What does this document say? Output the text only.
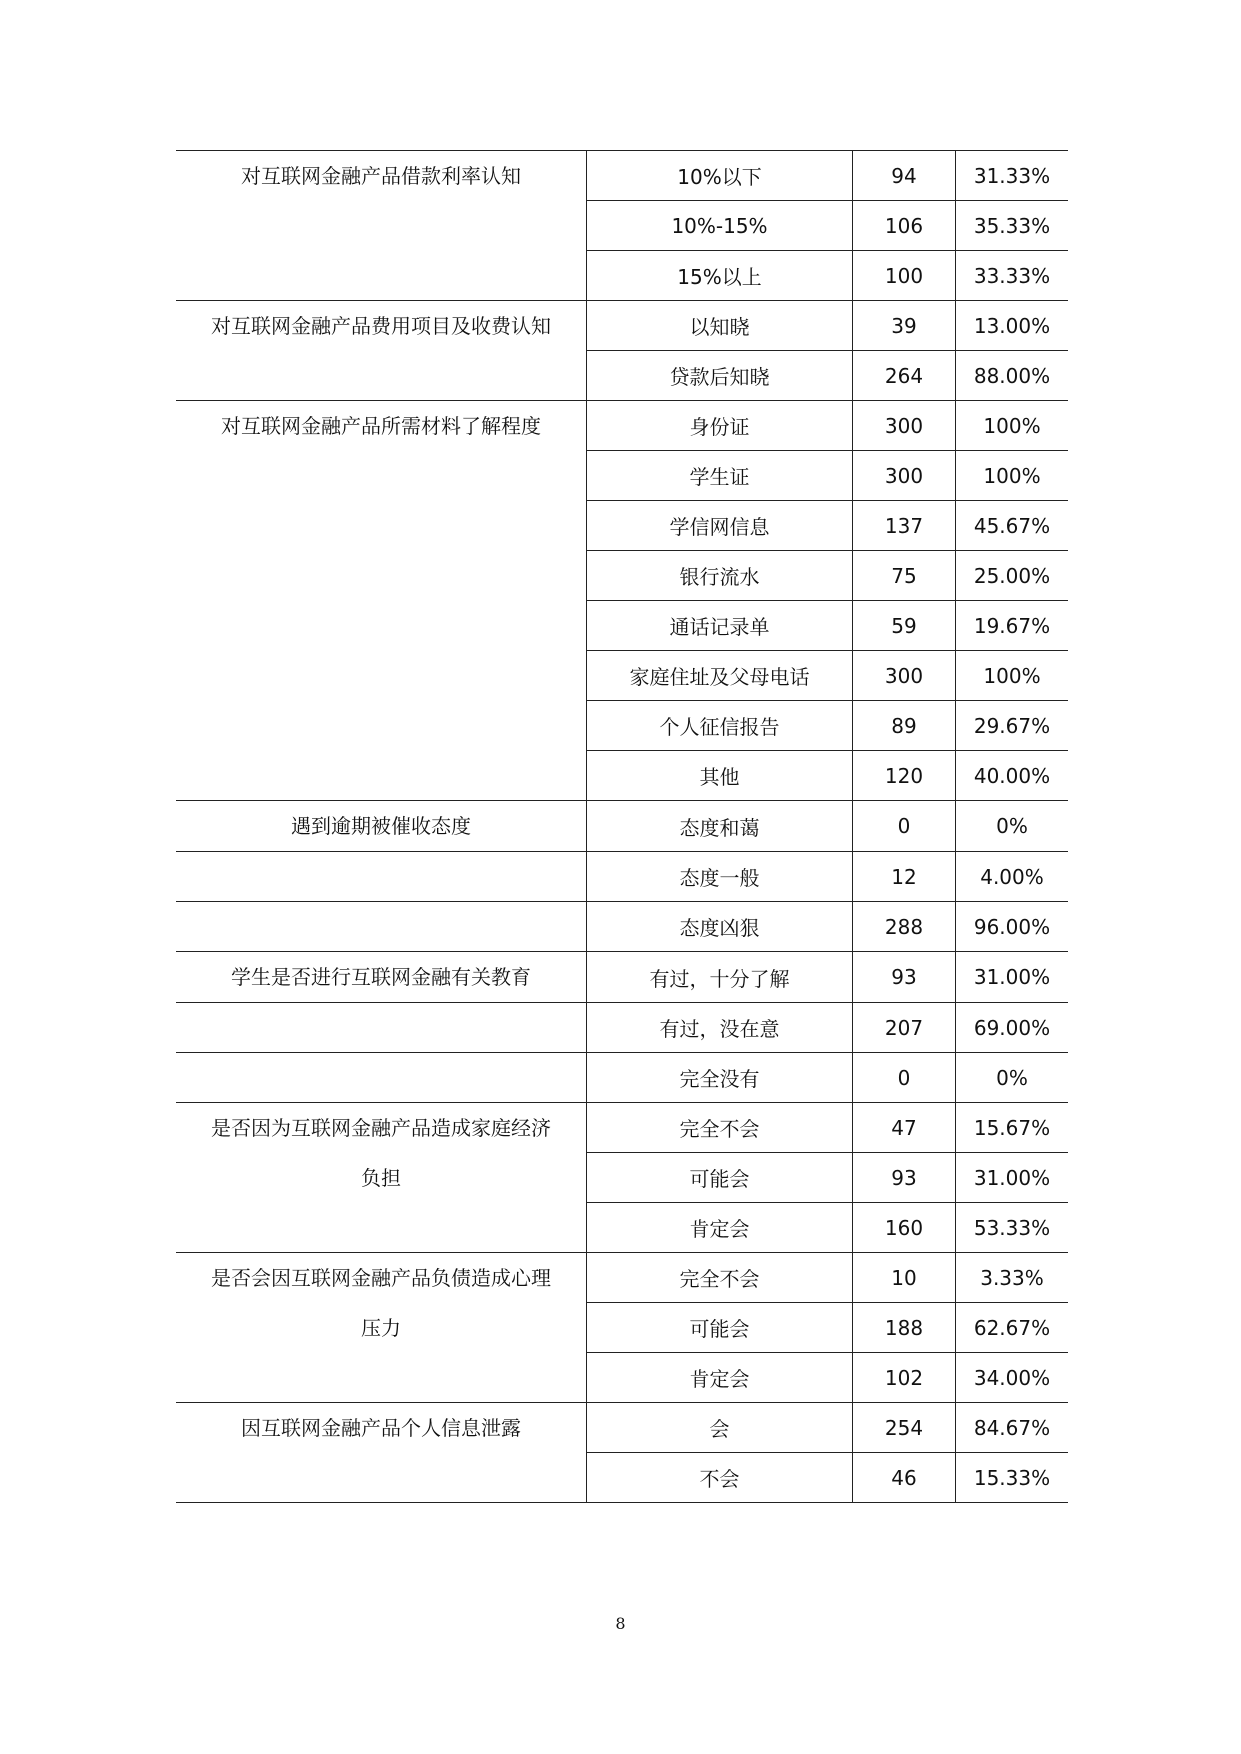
对互联网金融产品借款利率认知	10%以下	94	31.33%
	10%-15%	106	35.33%
	15%以上	100	33.33%

对互联网金融产品费用项目及收费认知	以知晓	39	13.00%
	贷款后知晓	264	88.00%

对互联网金融产品所需材料了解程度	身份证	300	100%
	学生证	300	100%
	学信网信息	137	45.67%
	银行流水	75	25.00%
	通话记录单	59	19.67%
	家庭住址及父母电话	300	100%
	个人征信报告	89	29.67%
	其他	120	40.00%

遇到逾期被催收态度	态度和蔼	0	0%
	态度一般	12	4.00%
	态度凶狠	288	96.00%

学生是否进行互联网金融有关教育	有过，十分了解	93	31.00%
	有过，没在意	207	69.00%
	完全没有	0	0%

是否因为互联网金融产品造成家庭经济
负担	完全不会	47	15.67%
	可能会	93	31.00%
	肯定会	160	53.33%

是否会因互联网金融产品负债造成心理
压力	完全不会	10	3.33%
	可能会	188	62.67%
	肯定会	102	34.00%

因互联网金融产品个人信息泄露	会	254	84.67%
	不会	46	15.33%
8
